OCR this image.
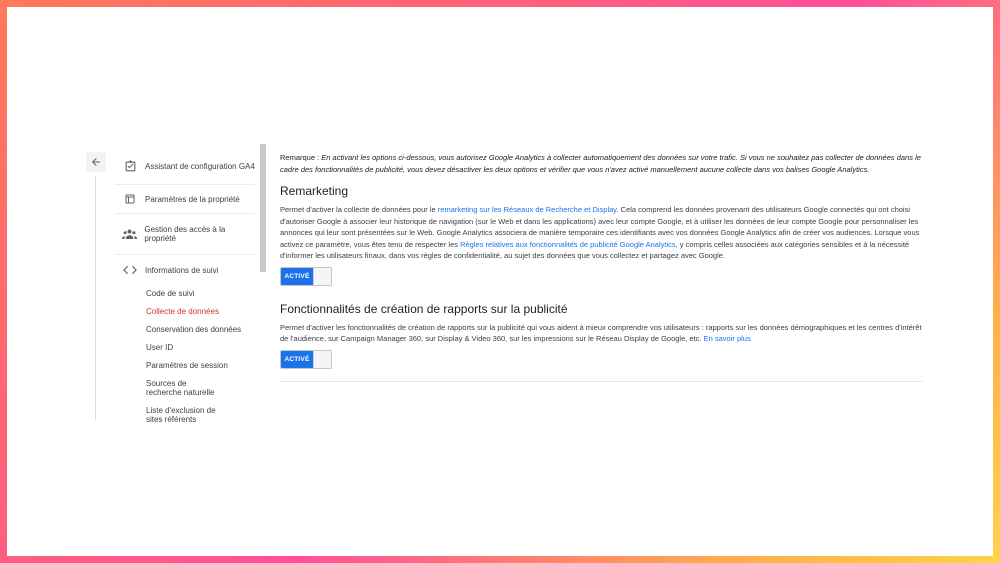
Assistant de configuration GA4
Paramètres de la propriété
Gestion des accès à la propriété
Informations de suivi
Code de suivi
Collecte de données
Conservation des données
User ID
Paramètres de session
Sources de recherche naturelle
Liste d'exclusion de sites référents

Remarque : En activant les options ci-dessous, vous autorisez Google Analytics à collecter automatiquement des données sur votre trafic. Si vous ne souhaitez pas collecter de données dans le cadre des fonctionnalités de publicité, vous devez désactiver les deux options et vérifier que vous n'avez activé manuellement aucune collecte dans vos balises Google Analytics.

Remarketing

Permet d'activer la collecte de données pour le remarketing sur les Réseaux de Recherche et Display. Cela comprend les données provenant des utilisateurs Google connectés qui ont choisi d'autoriser Google à associer leur historique de navigation (sur le Web et dans les applications) avec leur compte Google, et à utiliser les données de leur compte Google pour personnaliser les annonces qui leur sont présentées sur le Web. Google Analytics associera de manière temporaire ces identifiants avec vos données Google Analytics afin de créer vos audiences. Lorsque vous activez ce paramètre, vous êtes tenu de respecter les Règles relatives aux fonctionnalités de publicité Google Analytics, y compris celles associées aux catégories sensibles et à la nécessité d'informer les utilisateurs finaux, dans vos règles de confidentialité, au sujet des données que vous collectez et partagez avec Google.

ACTIVÉ
Fonctionnalités de création de rapports sur la publicité

Permet d'activer les fonctionnalités de création de rapports sur la publicité qui vous aident à mieux comprendre vos utilisateurs : rapports sur les données démographiques et les centres d'intérêt de l'audience, sur Campaign Manager 360, sur Display & Video 360, sur les impressions sur le Réseau Display de Google, etc. En savoir plus

ACTIVÉ
